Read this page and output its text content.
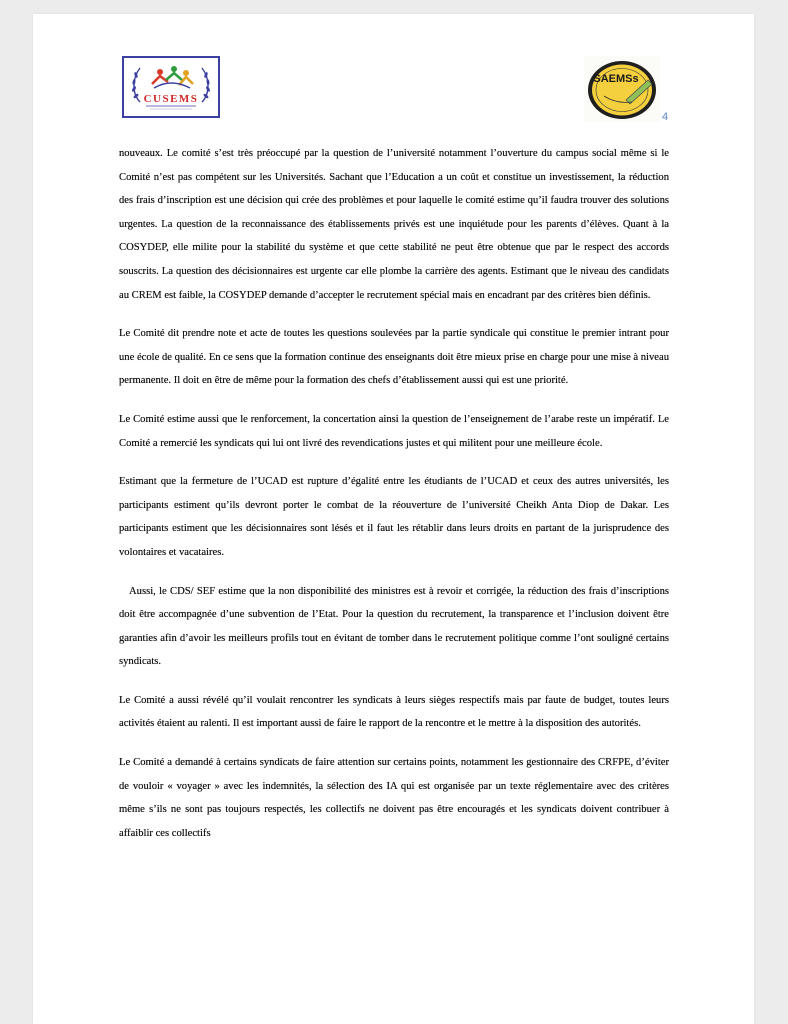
CUSEMS
SAEMSs
4

nouveaux. Le comité s’est très préoccupé par la question de l’université notamment l’ouverture du campus social même si le Comité n’est pas compétent sur les Universités. Sachant que l’Education a un coût et constitue un investissement, la réduction des frais d’inscription est une décision qui crée des problèmes et pour laquelle le comité estime qu’il faudra trouver des solutions urgentes. La question de la reconnaissance des établissements privés est une inquiétude pour les parents d’élèves. Quant à la COSYDEP, elle milite pour la stabilité du système et que cette stabilité ne peut être obtenue que par le respect des accords souscrits. La question des décisionnaires est urgente car elle plombe la carrière des agents. Estimant que le niveau des candidats au CREM est faible, la COSYDEP demande d’accepter le recrutement spécial mais en encadrant par des critères bien définis.

Le Comité dit prendre note et acte de toutes les questions soulevées par la partie syndicale qui constitue le premier intrant pour une école de qualité. En ce sens que la formation continue des enseignants doit être mieux prise en charge pour une mise à niveau permanente. Il doit en être de même pour la formation des chefs d’établissement aussi qui est une priorité.

Le Comité estime aussi que le renforcement, la concertation ainsi la question de l’enseignement de l’arabe reste un impératif. Le Comité a remercié les syndicats qui lui ont livré des revendications justes et qui militent pour une meilleure école.

Estimant que la fermeture de l’UCAD est rupture d’égalité entre les étudiants de l’UCAD et ceux des autres universités, les participants estiment qu’ils devront porter le combat de la réouverture de l’université Cheikh Anta Diop de Dakar. Les participants estiment que les décisionnaires sont lésés et il faut les rétablir dans leurs droits en partant de la jurisprudence des volontaires et vacataires.

Aussi, le CDS/ SEF estime que la non disponibilité des ministres est à revoir et corrigée, la réduction des frais d’inscriptions doit être accompagnée d’une subvention de l’Etat. Pour la question du recrutement, la transparence et l’inclusion doivent être garanties afin d’avoir les meilleurs profils tout en évitant de tomber dans le recrutement politique comme l’ont souligné certains syndicats.

Le Comité a aussi révélé qu’il voulait rencontrer les syndicats à leurs sièges respectifs mais par faute de budget, toutes leurs activités étaient au ralenti. Il est important aussi de faire le rapport de la rencontre et le mettre à la disposition des autorités.

Le Comité a demandé à certains syndicats de faire attention sur certains points, notamment les gestionnaire des CRFPE, d’éviter de vouloir « voyager » avec les indemnités, la sélection des IA qui est organisée par un texte réglementaire avec des critères même s’ils ne sont pas toujours respectés, les collectifs ne doivent pas être encouragés et les syndicats doivent contribuer à affaiblir ces collectifs
